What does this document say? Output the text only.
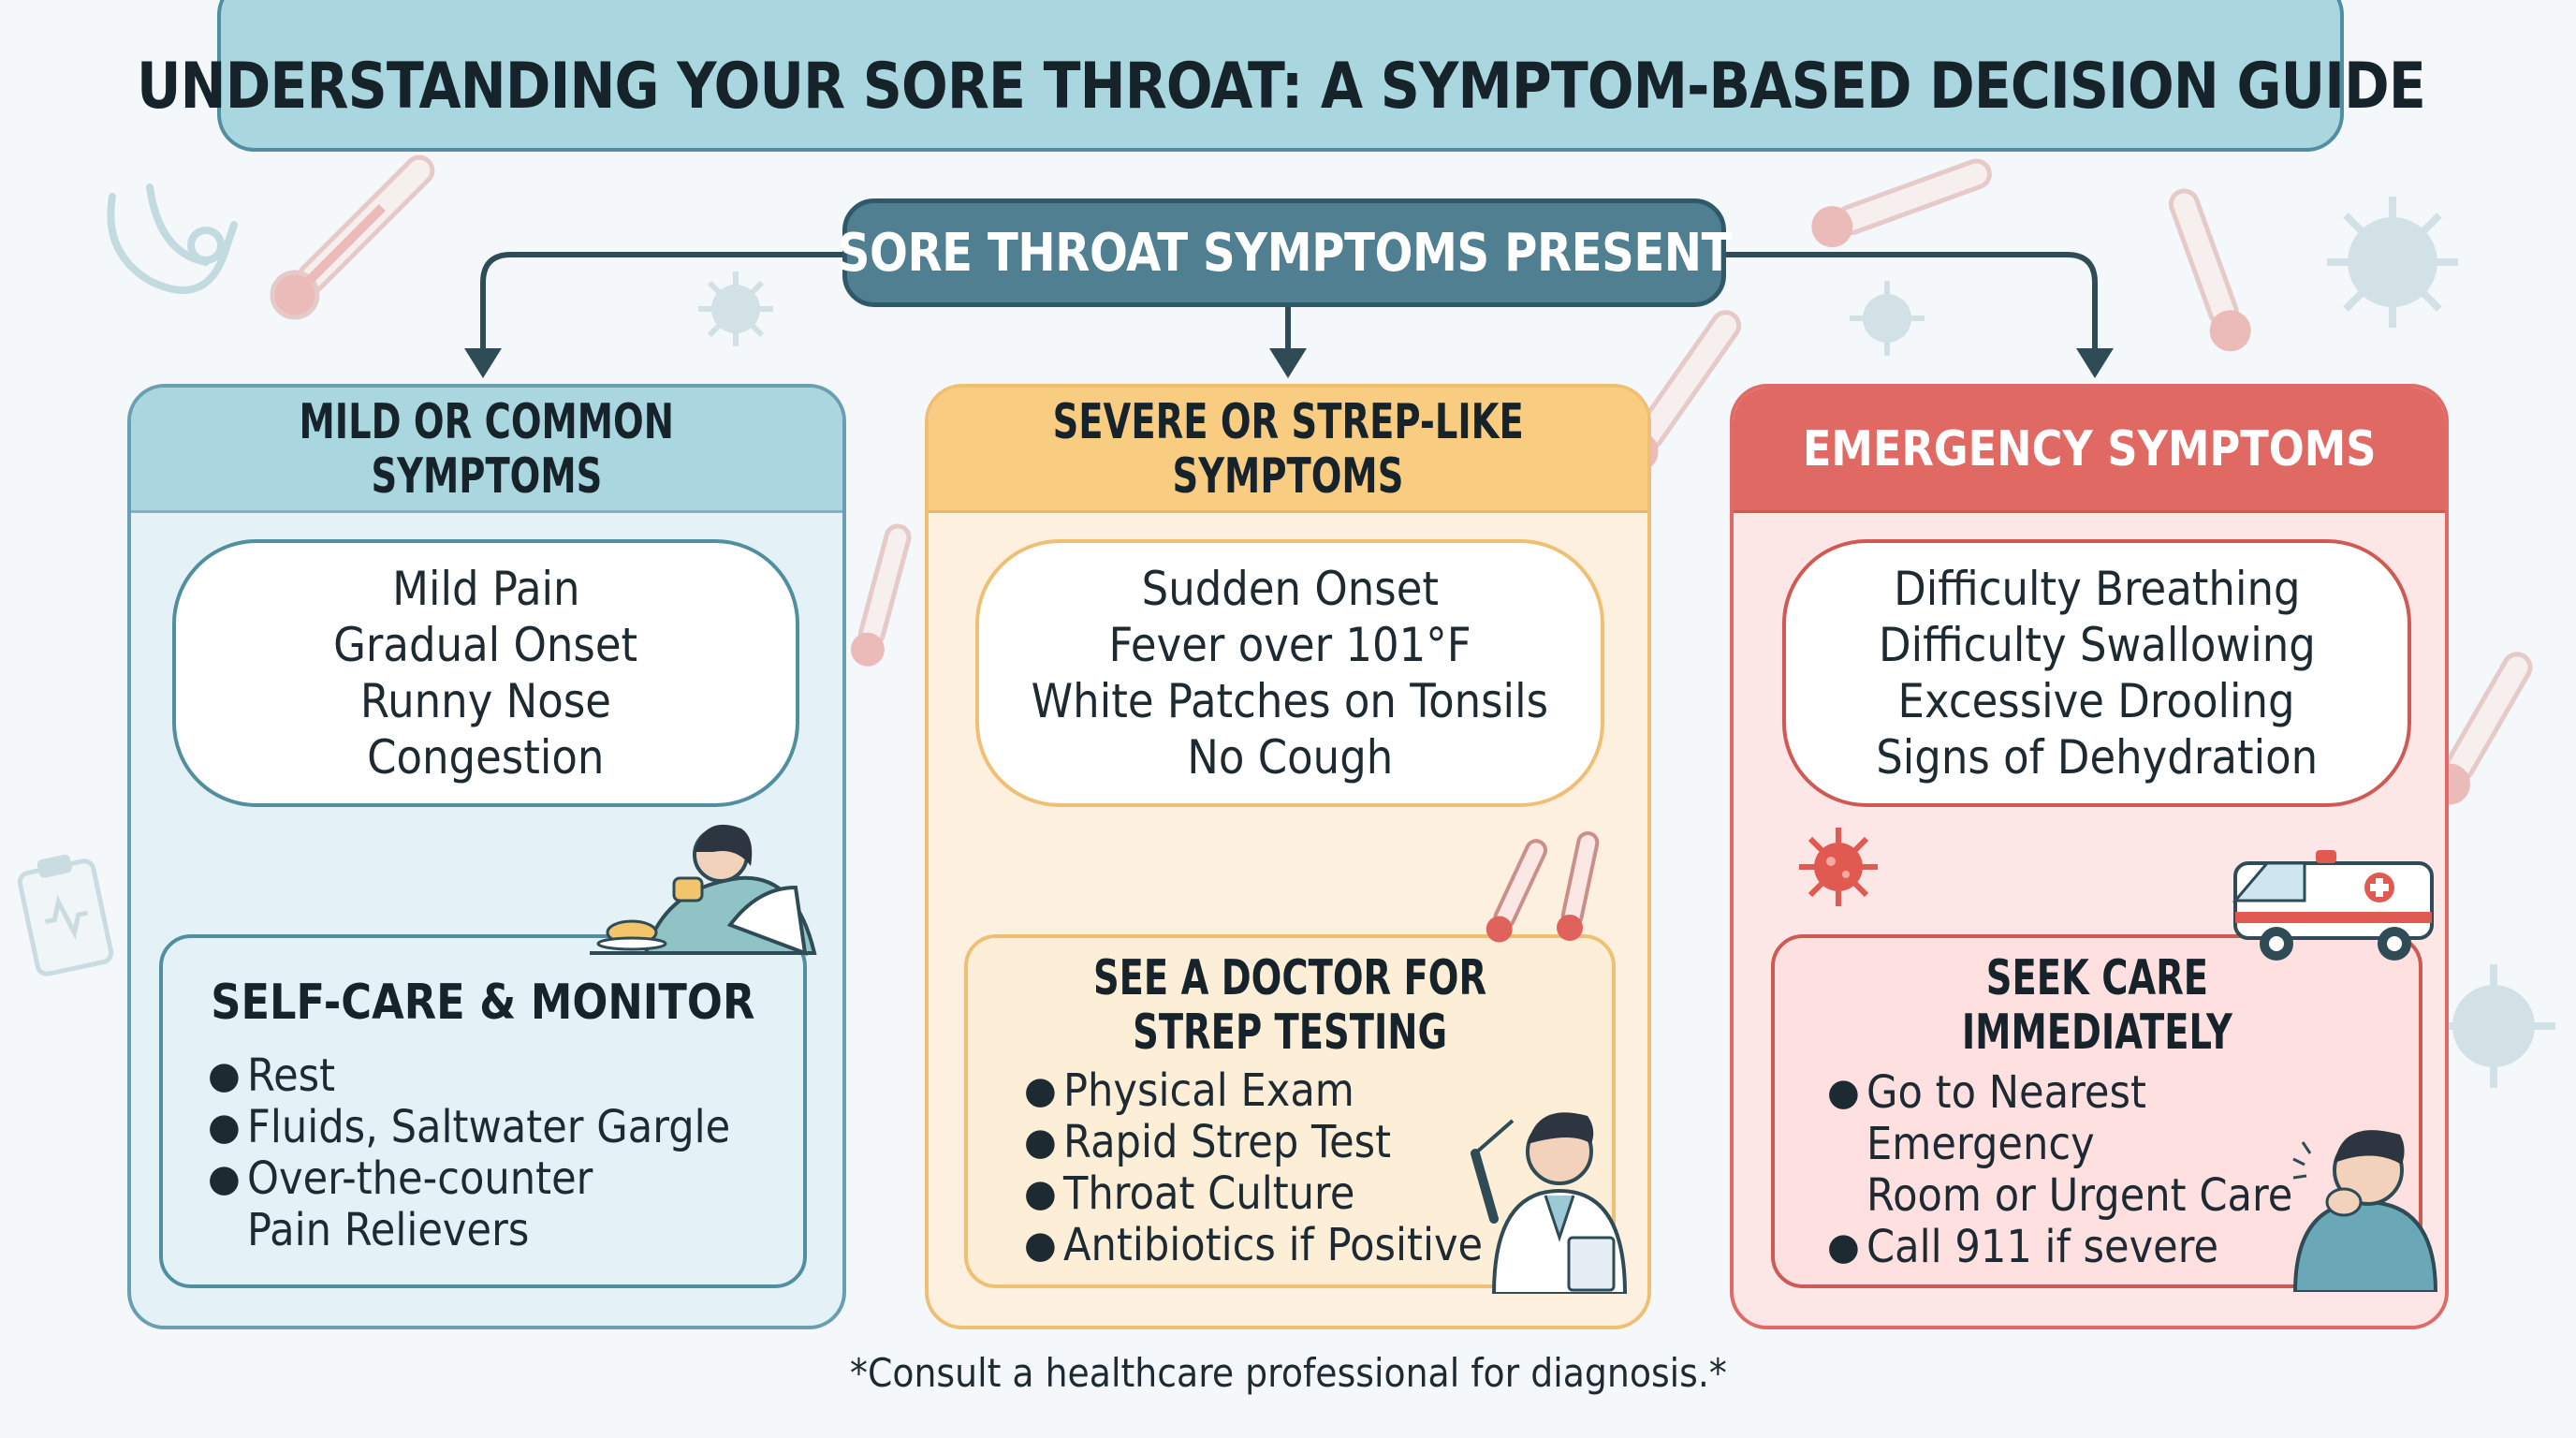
UNDERSTANDING YOUR SORE THROAT: A SYMPTOM-BASED DECISION GUIDE
SORE THROAT SYMPTOMS PRESENT
MILD OR COMMON
SYMPTOMS
Mild Pain
Gradual Onset
Runny Nose
Congestion
SELF-CARE & MONITOR
● Rest
● Fluids, Saltwater Gargle
● Over-the-counter
Pain Relievers
SEVERE OR STREP-LIKE
SYMPTOMS
Sudden Onset
Fever over 101°F
White Patches on Tonsils
No Cough
SEE A DOCTOR FOR
STREP TESTING
● Physical Exam
● Rapid Strep Test
● Throat Culture
● Antibiotics if Positive
EMERGENCY SYMPTOMS
Difficulty Breathing
Difficulty Swallowing
Excessive Drooling
Signs of Dehydration
SEEK CARE
IMMEDIATELY
● Go to Nearest Emergency
Room or Urgent Care
● Call 911 if severe
*Consult a healthcare professional for diagnosis.*
